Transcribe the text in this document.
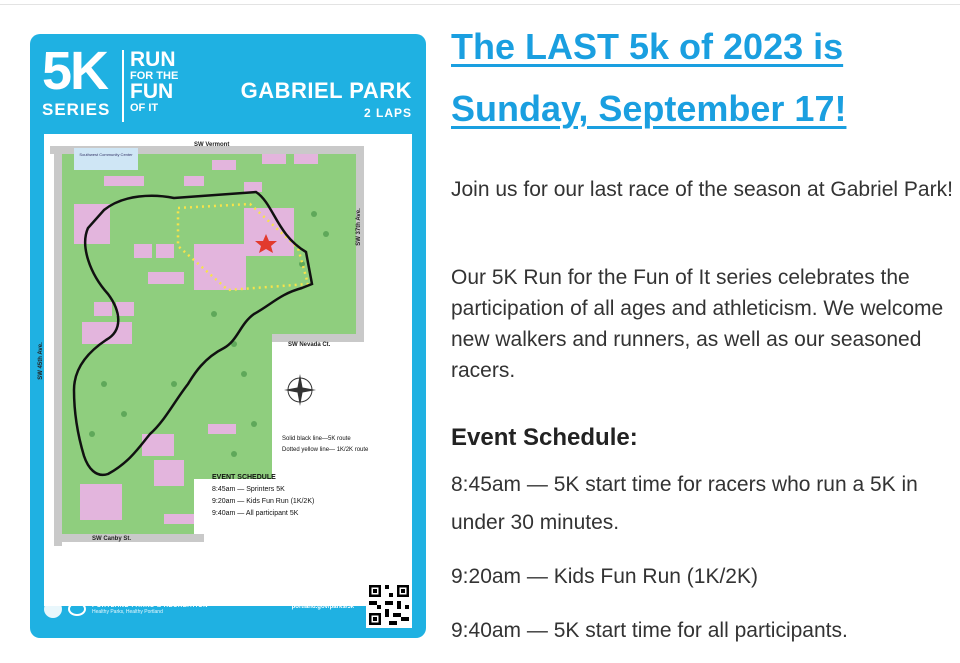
5K
SERIES
RUN
FOR THE
FUN
OF IT
GABRIEL PARK
2 LAPS
SW Vermont
SW Nevada Ct.
SW 45th Ave.
SW 37th Ave.
SW Canby St.
Southwest Community Center
Solid black line—5K route
Dotted yellow line— 1K/2K route
EVENT SCHEDULE
8:45am — Sprinters 5K
9:20am — Kids Fun Run (1K/2K)
9:40am — All participant 5K
PORTLAND PARKS & RECREATION
Healthy Parks, Healthy Portland
View schedule and register online at
portland.gov/parks/5k
The LAST 5k of 2023 is Sunday, September 17!
Join us for our last race of the season at Gabriel Park!
Our 5K Run for the Fun of It series celebrates the participation of all ages and athleticism. We welcome new walkers and runners, as well as our seasoned racers.
Event Schedule:
8:45am — 5K start time for racers who run a 5K in under 30 minutes.
9:20am — Kids Fun Run (1K/2K)
9:40am — 5K start time for all participants.
